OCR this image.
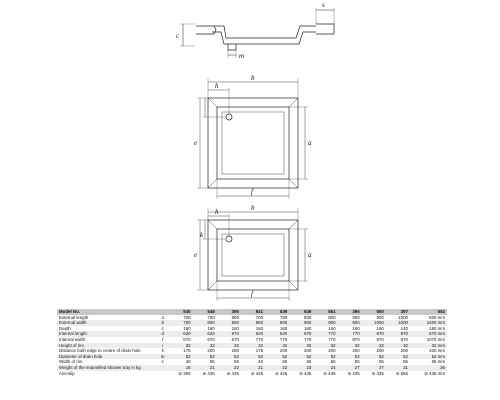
c
s
m
b
h
e	a
f
b
h
e
k
a
f
Model No.		540	548	395	541	539	549	551	396	550	397	552
External length	a	700	750	800	700	750	800	800	900	900	1000	600 mm
External width	b	750	800	800	850	900	900	900	900	1000	1000	1200 mm
Depth	c	160	160	160	160	160	160	160	160	160	140	160 mm
Internal length	d	620	620	670	620	620	670	770	770	870	870	670 mm
Internal width	f	670	670	670	770	770	770	770	870	870	870	1070 mm
Height of rim	i	32	32	32	32	32	32	32	32	32	32	32 mm
Distance both edge to centre of drain hole	k	175	200	200	175	200	200	200	200	200	200	200 mm
Diameter of drain hole	m	52	52	52	52	52	52	52	52	52	52	52 mm
Width of rim	s	40	65	65	40	65	65	65	65	65	65	65 mm
Weight of the enamelled shower tray in kg		16	21	22	21	22	23	24	27	27	31	36
Anti-slip		⊘ 299	⊘ 435	⊘ 435	⊘ 435	⊘ 435	⊘ 435	⊘ 435	⊘ 435	⊘ 435	⊘ 566	⊘ 435 mm
